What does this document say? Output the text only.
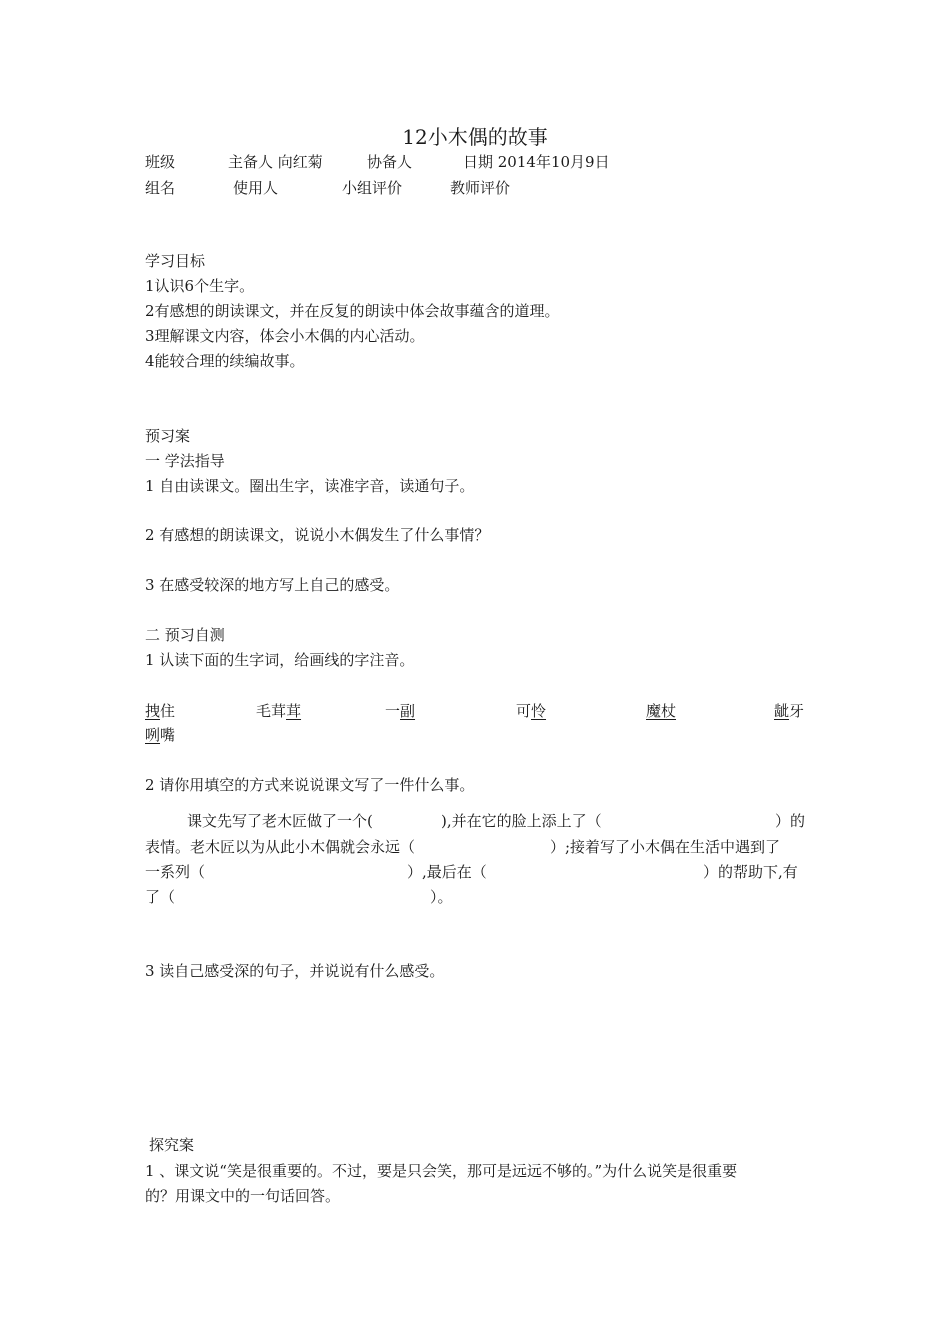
12小木偶的故事
班级	主备人 向红菊	协备人	日期 2014年10月9日
组名	使用人	小组评价	教师评价
学习目标
1认识6个生字。
2有感想的朗读课文，并在反复的朗读中体会故事蕴含的道理。
3理解课文内容，体会小木偶的内心活动。
4能较合理的续编故事。
预习案
一 学法指导
1 自由读课文。圈出生字，读准字音，读通句子。
2 有感想的朗读课文，说说小木偶发生了什么事情？
3 在感受较深的地方写上自己的感受。
二 预习自测
1 认读下面的生字词，给画线的字注音。
拽住	毛茸茸	一副	可怜	魔杖	龇牙
咧嘴
2 请你用填空的方式来说说课文写了一件什么事。
课文先写了老木匠做了一个(	),并在它的脸上添上了（	）的
表情。老木匠以为从此小木偶就会永远（	）;接着写了小木偶在生活中遇到了
一系列（	）,最后在（	）的帮助下,有
了（	）。
3 读自己感受深的句子，并说说有什么感受。
探究案
1 、课文说“笑是很重要的。不过，要是只会笑，那可是远远不够的。”为什么说笑是很重要
的？用课文中的一句话回答。
